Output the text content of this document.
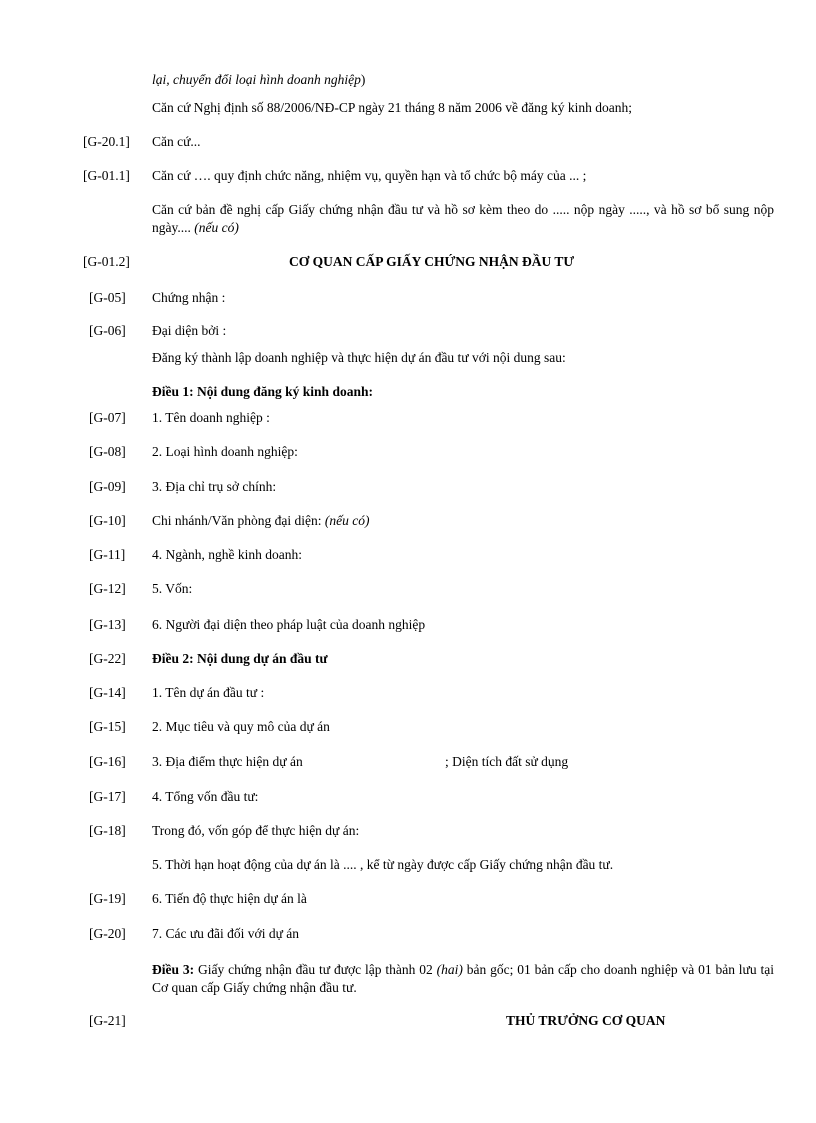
lại, chuyển đổi loại hình doanh nghiệp)
Căn cứ Nghị định số 88/2006/NĐ-CP ngày 21 tháng 8 năm 2006 về đăng ký kinh doanh;
[G-20.1] Căn cứ...
[G-01.1] Căn cứ …. quy định chức năng, nhiệm vụ, quyền hạn và tổ chức bộ máy của ... ;
Căn cứ bản đề nghị cấp Giấy chứng nhận đầu tư và hồ sơ kèm theo do ..... nộp ngày ....., và hồ sơ bổ sung nộp ngày.... (nếu có)
[G-01.2]	CƠ QUAN CẤP GIẤY CHỨNG NHẬN ĐẦU TƯ
[G-05] Chứng nhận :
[G-06] Đại diện bởi :
Đăng ký thành lập doanh nghiệp và thực hiện dự án đầu tư với nội dung sau:
Điều 1: Nội dung đăng ký kinh doanh:
[G-07] 1. Tên doanh nghiệp :
[G-08] 2. Loại hình doanh nghiệp:
[G-09] 3. Địa chỉ trụ sở chính:
[G-10] Chi nhánh/Văn phòng đại diện: (nếu có)
[G-11] 4. Ngành, nghề kinh doanh:
[G-12] 5. Vốn:
[G-13] 6. Người đại diện theo pháp luật của doanh nghiệp
[G-22] Điều 2: Nội dung dự án đầu tư
[G-14] 1. Tên dự án đầu tư :
[G-15] 2. Mục tiêu và quy mô của dự án
[G-16] 3. Địa điểm thực hiện dự án	; Diện tích đất sử dụng
[G-17] 4. Tổng vốn đầu tư:
[G-18] Trong đó, vốn góp để thực hiện dự án:
5. Thời hạn hoạt động của dự án là .... , kể từ ngày được cấp Giấy chứng nhận đầu tư.
[G-19] 6. Tiến độ thực hiện dự án là
[G-20] 7. Các ưu đãi đối với dự án
Điều 3: Giấy chứng nhận đầu tư được lập thành 02 (hai) bản gốc; 01 bản cấp cho doanh nghiệp và 01 bản lưu tại Cơ quan cấp Giấy chứng nhận đầu tư.
[G-21]	THỦ TRƯỞNG CƠ QUAN
